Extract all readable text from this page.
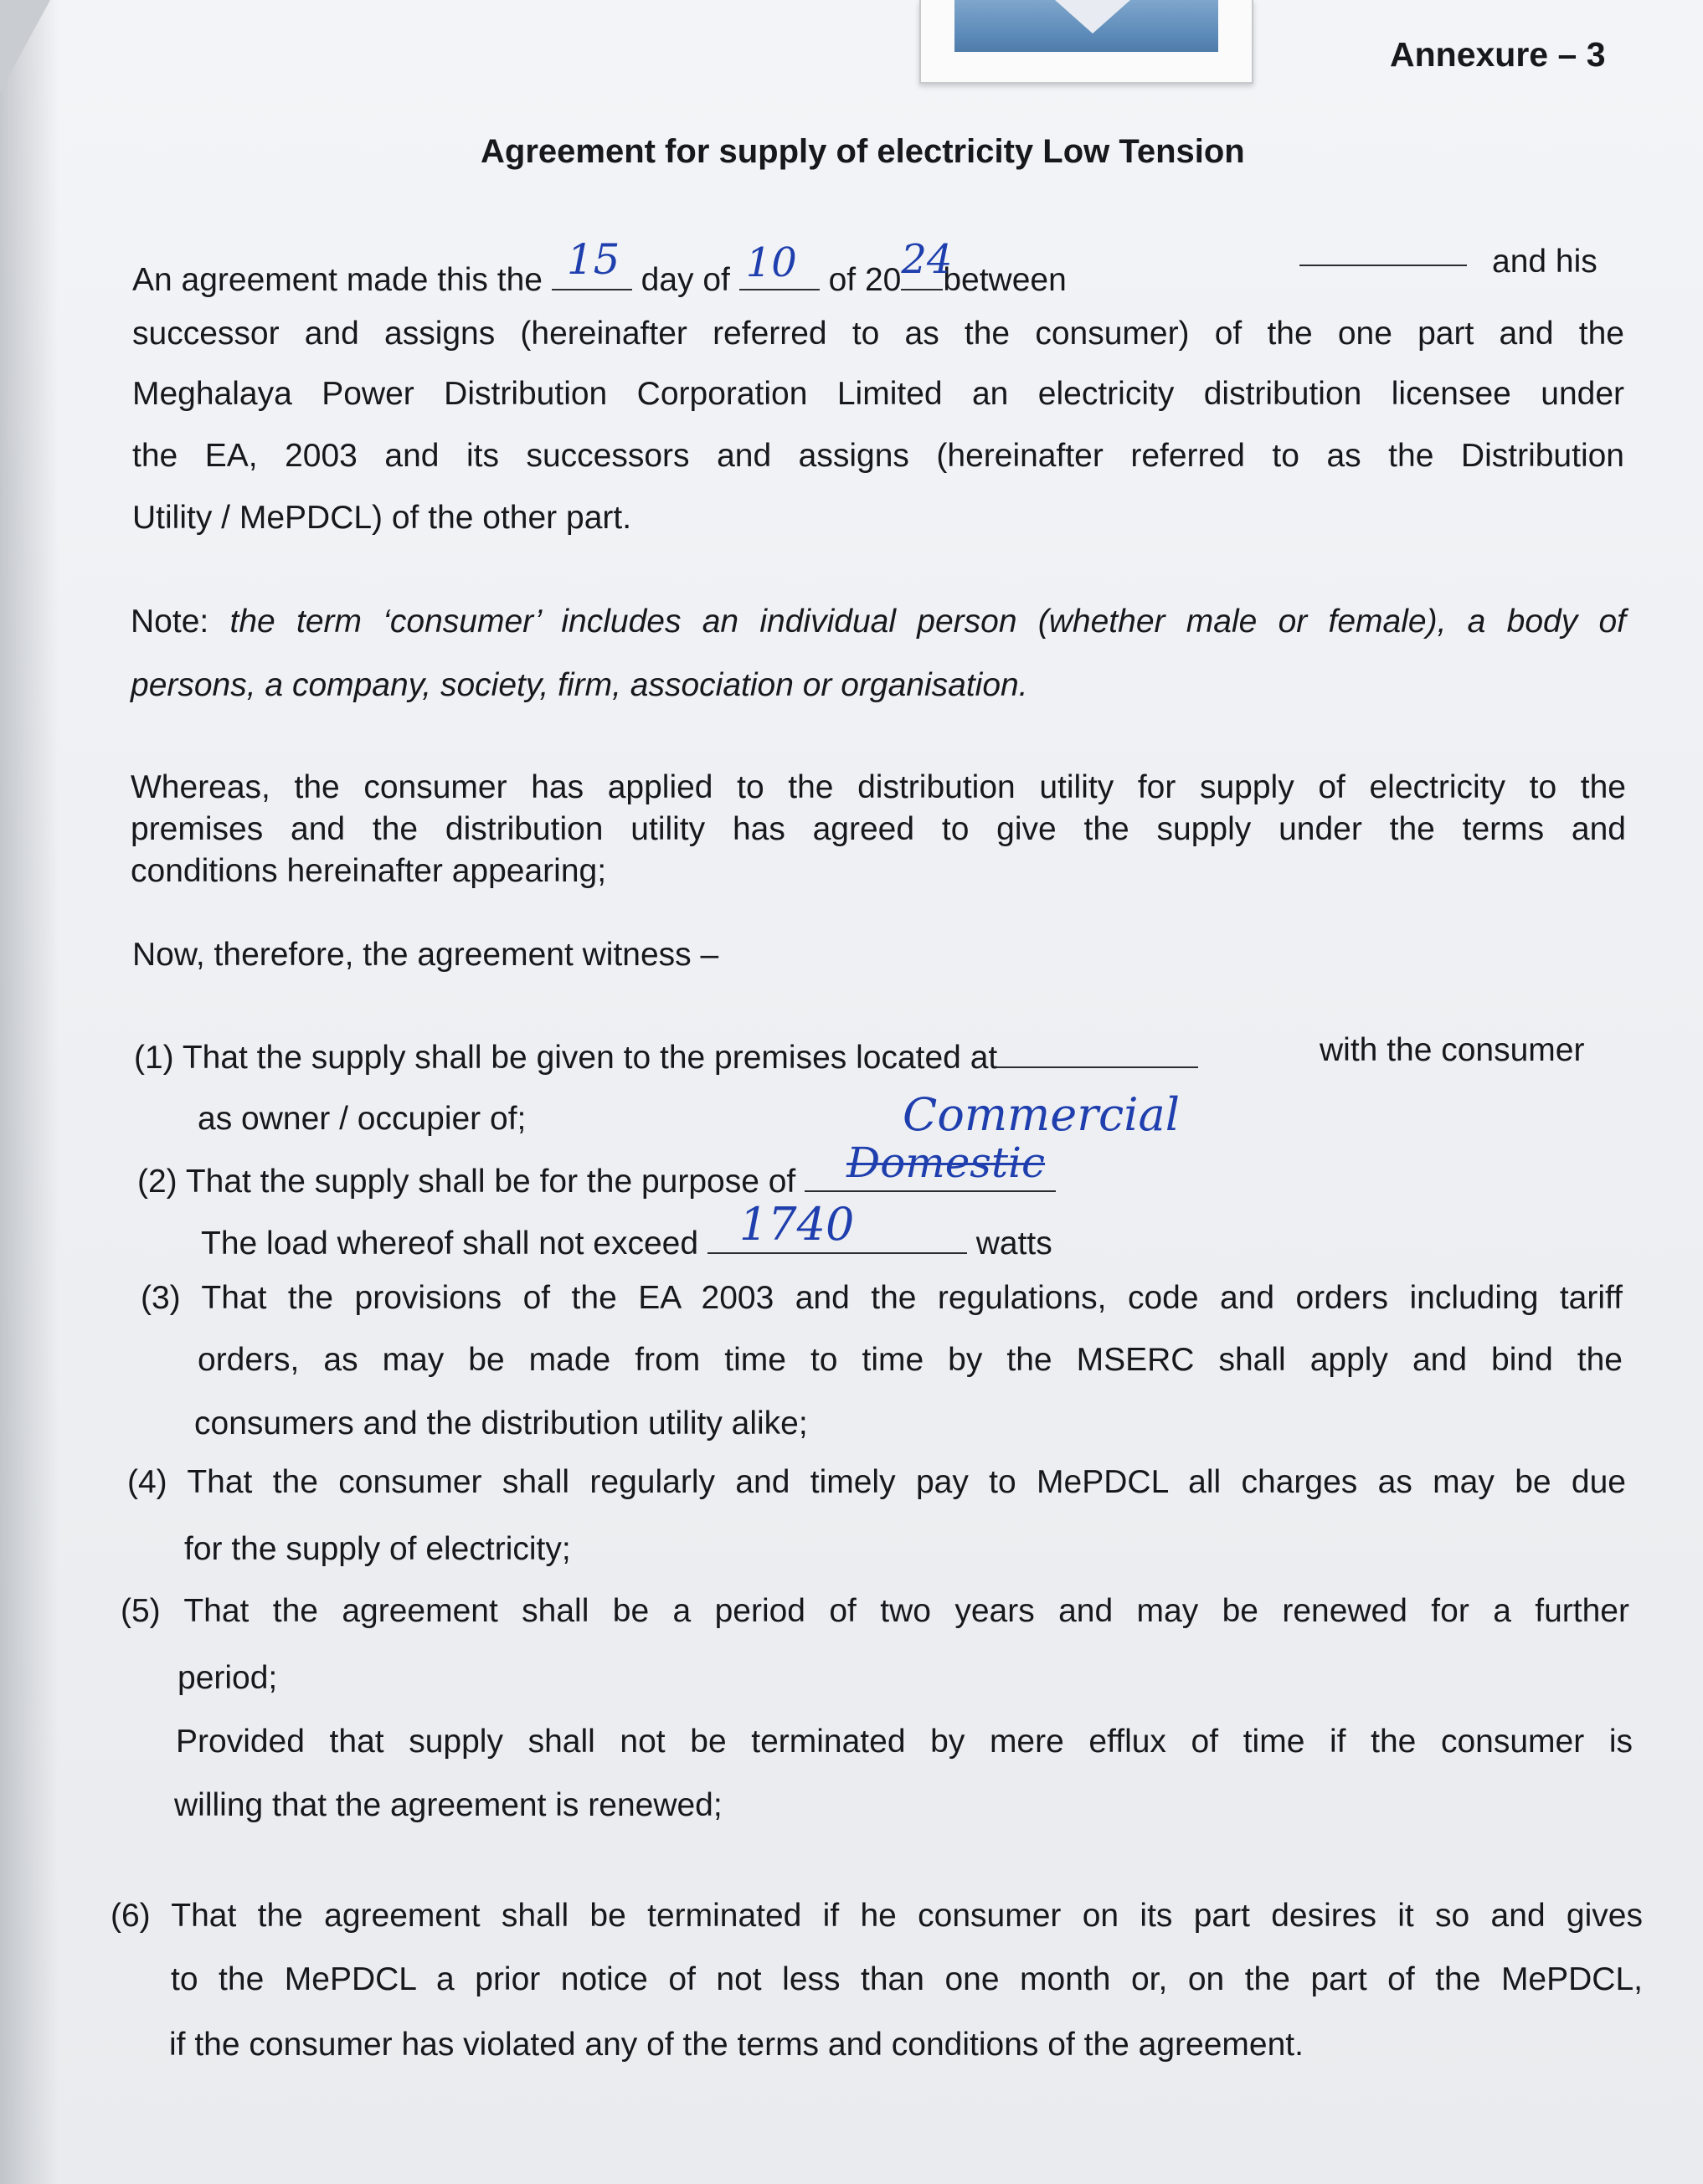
Annexure – 3
Agreement for supply of electricity Low Tension
An agreement made this the 15 day of 10 of 20 24
between
and his
successor and assigns (hereinafter referred to as the consumer) of the one part and the
Meghalaya Power Distribution Corporation Limited an electricity distribution licensee under
the EA, 2003 and its successors and assigns (hereinafter referred to as the Distribution
Utility / MePDCL) of the other part.
Note: the term ‘consumer’ includes an individual person (whether male or female), a body of
persons, a company, society, firm, association or organisation.
Whereas, the consumer has applied to the distribution utility for supply of electricity to the
premises and the distribution utility has agreed to give the supply under the terms and
conditions hereinafter appearing;
Now, therefore, the agreement witness –
(1) That the supply shall be given to the premises located at	with the consumer
as owner / occupier of;	Commercial
(2) That the supply shall be for the purpose of Domestic
The load whereof shall not exceed 1740	watts
(3) That the provisions of the EA 2003 and the regulations, code and orders including tariff
orders, as may be made from time to time by the MSERC shall apply and bind the
consumers and the distribution utility alike;
(4) That the consumer shall regularly and timely pay to MePDCL all charges as may be due
for the supply of electricity;
(5) That the agreement shall be a period of two years and may be renewed for a further
period;
Provided that supply shall not be terminated by mere efflux of time if the consumer is
willing that the agreement is renewed;
(6) That the agreement shall be terminated if he consumer on its part desires it so and gives
to the MePDCL a prior notice of not less than one month or, on the part of the MePDCL,
if the consumer has violated any of the terms and conditions of the agreement.
